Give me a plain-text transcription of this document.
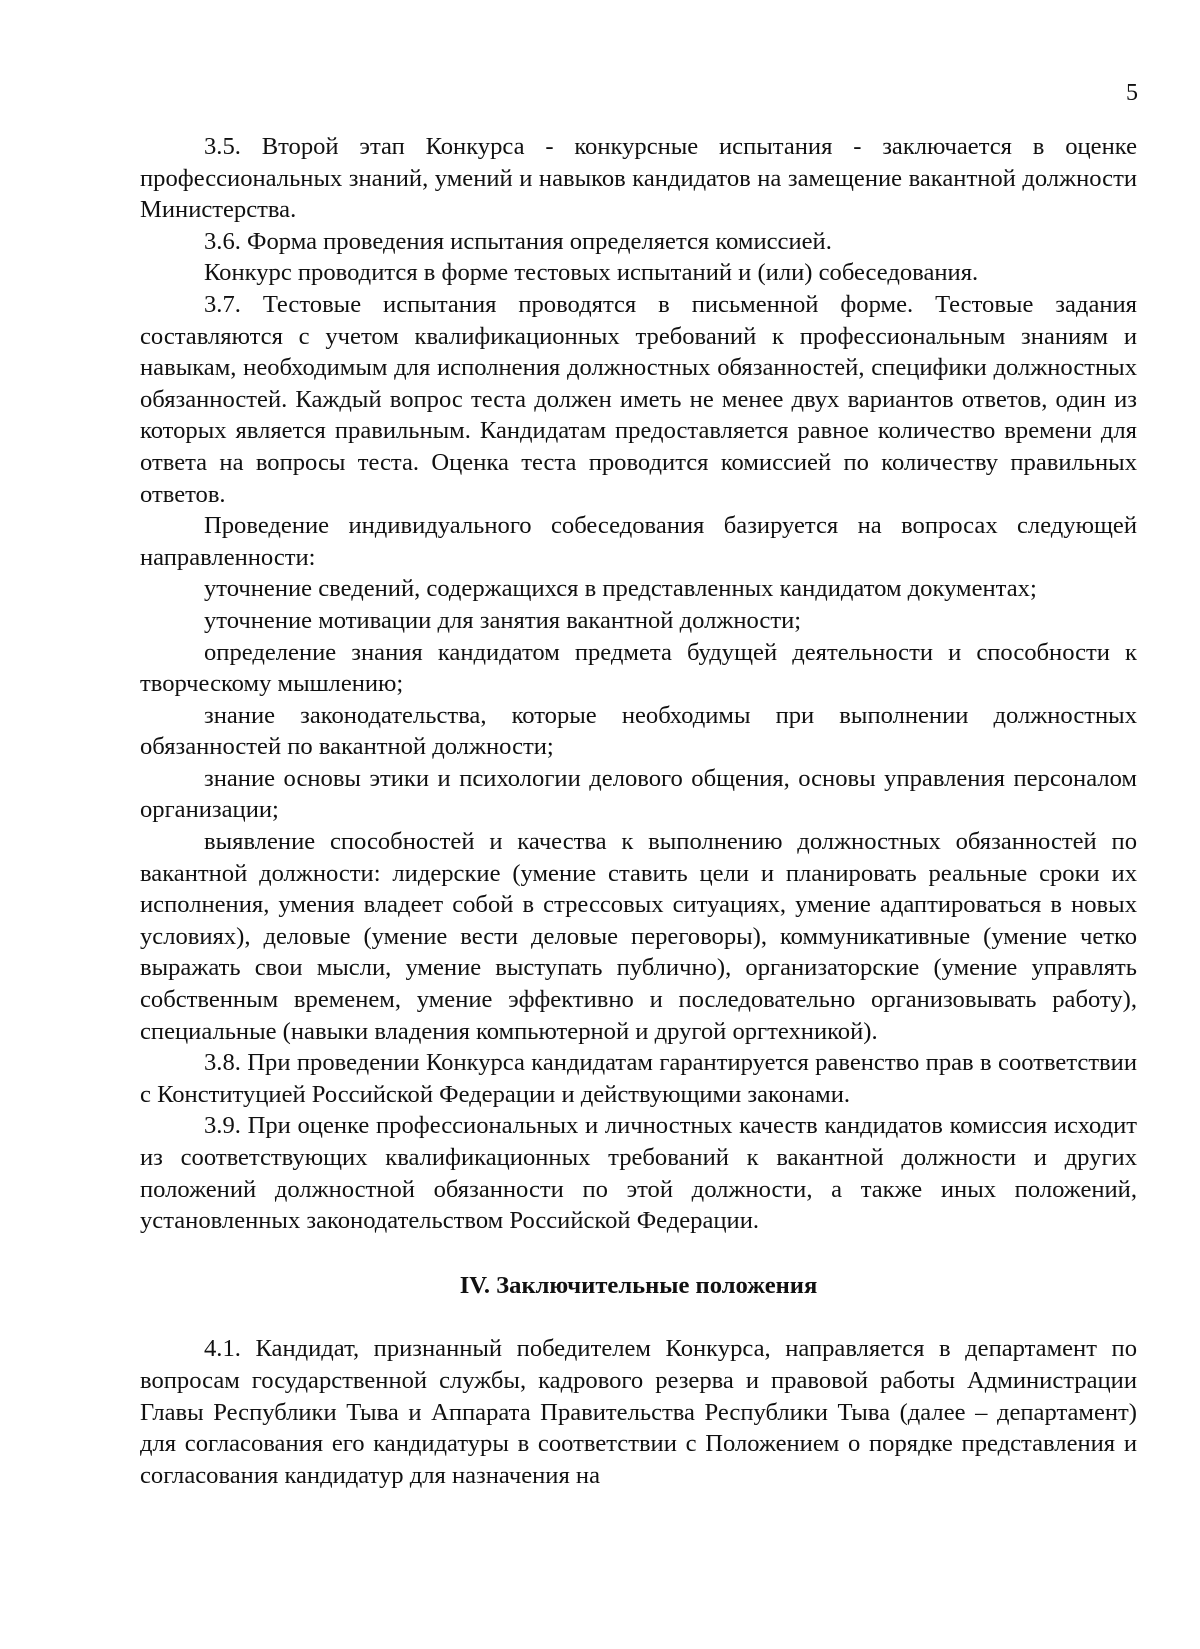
5

3.5. Второй этап Конкурса - конкурсные испытания - заключается в оценке профессиональных знаний, умений и навыков кандидатов на замещение вакантной должности Министерства.

3.6. Форма проведения испытания определяется комиссией.

Конкурс проводится в форме тестовых испытаний и (или) собеседования.

3.7. Тестовые испытания проводятся в письменной форме. Тестовые задания составляются с учетом квалификационных требований к профессиональным знаниям и навыкам, необходимым для исполнения должностных обязанностей, специфики должностных обязанностей. Каждый вопрос теста должен иметь не менее двух вариантов ответов, один из которых является правильным. Кандидатам предоставляется равное количество времени для ответа на вопросы теста. Оценка теста проводится комиссией по количеству правильных ответов.

Проведение индивидуального собеседования базируется на вопросах следующей направленности:

уточнение сведений, содержащихся в представленных кандидатом документах;

уточнение мотивации для занятия вакантной должности;

определение знания кандидатом предмета будущей деятельности и способности к творческому мышлению;

знание законодательства, которые необходимы при выполнении должностных обязанностей по вакантной должности;

знание основы этики и психологии делового общения, основы управления персоналом организации;

выявление способностей и качества к выполнению должностных обязанностей по вакантной должности: лидерские (умение ставить цели и планировать реальные сроки их исполнения, умения владеет собой в стрессовых ситуациях, умение адаптироваться в новых условиях), деловые (умение вести деловые переговоры), коммуникативные (умение четко выражать свои мысли, умение выступать публично), организаторские (умение управлять собственным временем, умение эффективно и последовательно организовывать работу), специальные (навыки владения компьютерной и другой оргтехникой).

3.8. При проведении Конкурса кандидатам гарантируется равенство прав в соответствии с Конституцией Российской Федерации и действующими законами.

3.9. При оценке профессиональных и личностных качеств кандидатов комиссия исходит из соответствующих квалификационных требований к вакантной должности и других положений должностной обязанности по этой должности, а также иных положений, установленных законодательством Российской Федерации.

IV. Заключительные положения

4.1. Кандидат, признанный победителем Конкурса, направляется в департамент по вопросам государственной службы, кадрового резерва и правовой работы Администрации Главы Республики Тыва и Аппарата Правительства Республики Тыва (далее – департамент) для согласования его кандидатуры в соответствии с Положением о порядке представления и согласования кандидатур для назначения на
